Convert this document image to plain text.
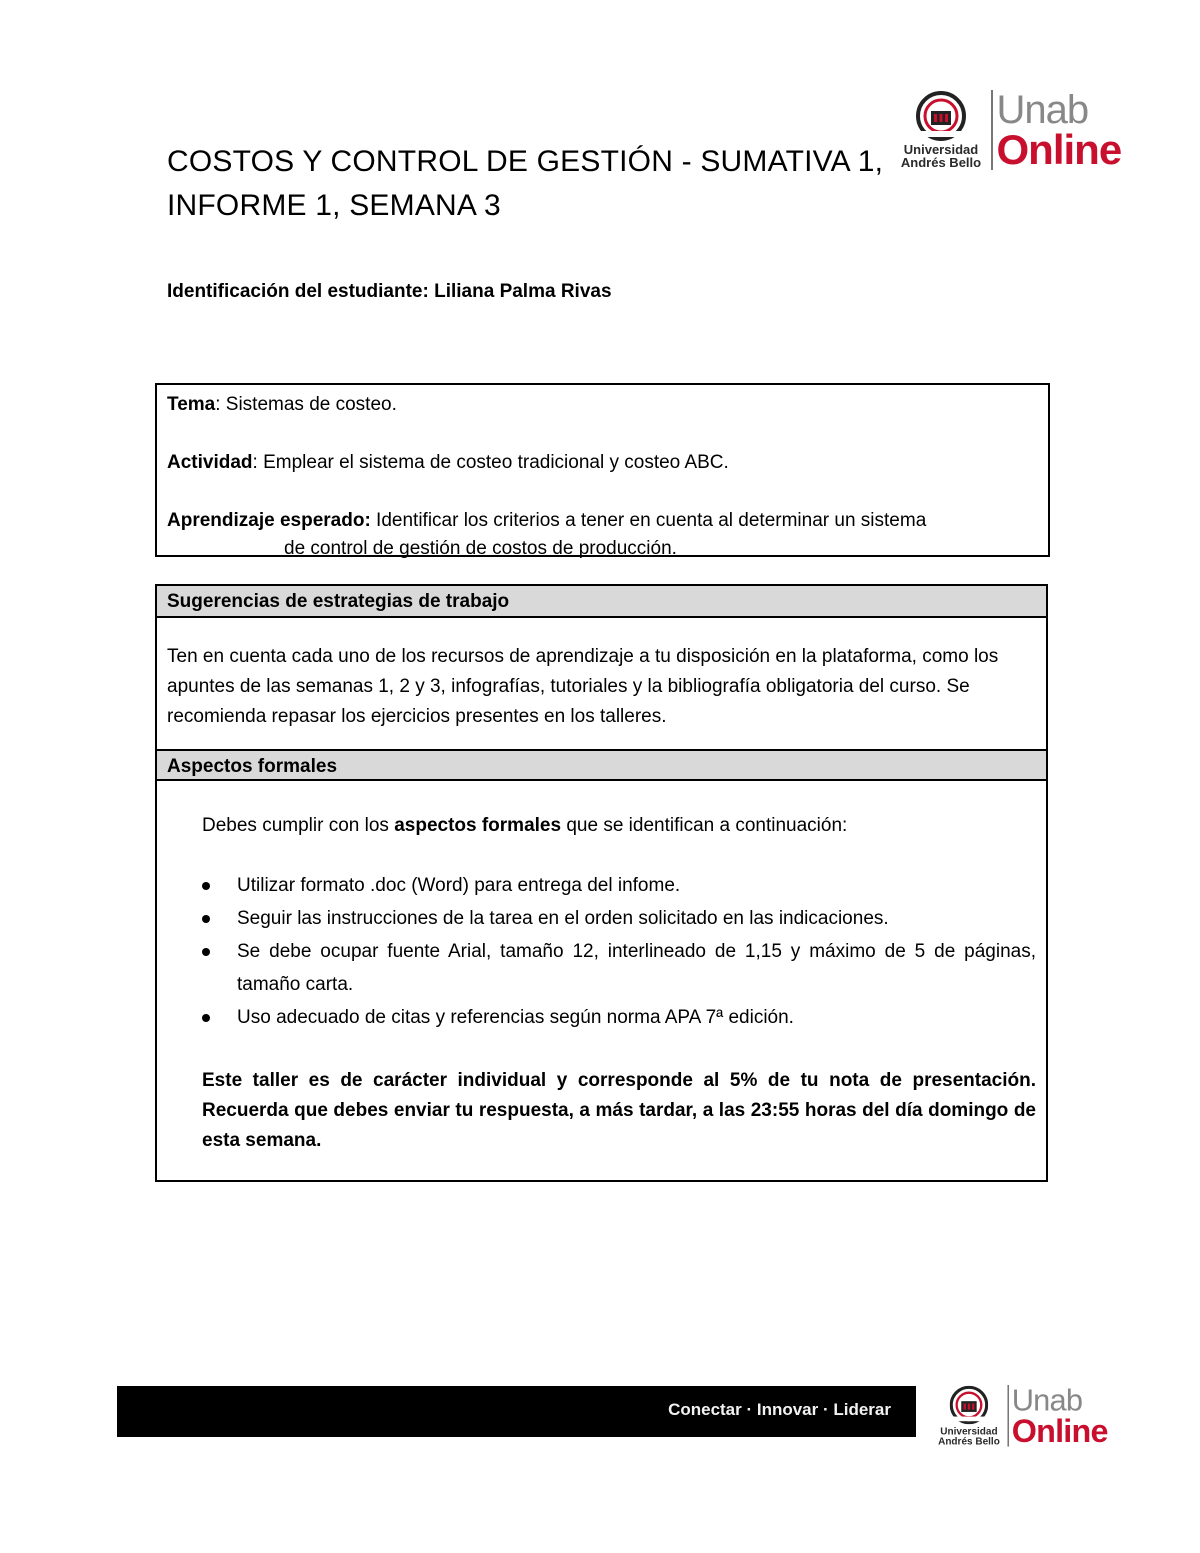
COSTOS Y CONTROL DE GESTIÓN - SUMATIVA 1,
INFORME 1, SEMANA 3
Universidad
Andrés Bello
Unab
Online
Identificación del estudiante: Liliana Palma Rivas

Tema: Sistemas de costeo.

Actividad: Emplear el sistema de costeo tradicional y costeo ABC.

Aprendizaje esperado: Identificar los criterios a tener en cuenta al determinar un sistema

de control de gestión de costos de producción.

Sugerencias de estrategias de trabajo
Ten en cuenta cada uno de los recursos de aprendizaje a tu disposición en la plataforma, como los apuntes de las semanas 1, 2 y 3, infografías, tutoriales y la bibliografía obligatoria del curso. Se recomienda repasar los ejercicios presentes en los talleres.
Aspectos formales

Debes cumplir con los aspectos formales que se identifican a continuación:

Utilizar formato .doc (Word) para entrega del infome.
Seguir las instrucciones de la tarea en el orden solicitado en las indicaciones.
Se debe ocupar fuente Arial, tamaño 12, interlineado de 1,15 y máximo de 5 de páginas, tamaño carta.
Uso adecuado de citas y referencias según norma APA 7ª edición.

Este taller es de carácter individual y corresponde al 5% de tu nota de presentación. Recuerda que debes enviar tu respuesta, a más tardar, a las 23:55 horas del día domingo de esta semana.

Conectar · Innovar · Liderar
Universidad
Andrés Bello
Unab
Online
